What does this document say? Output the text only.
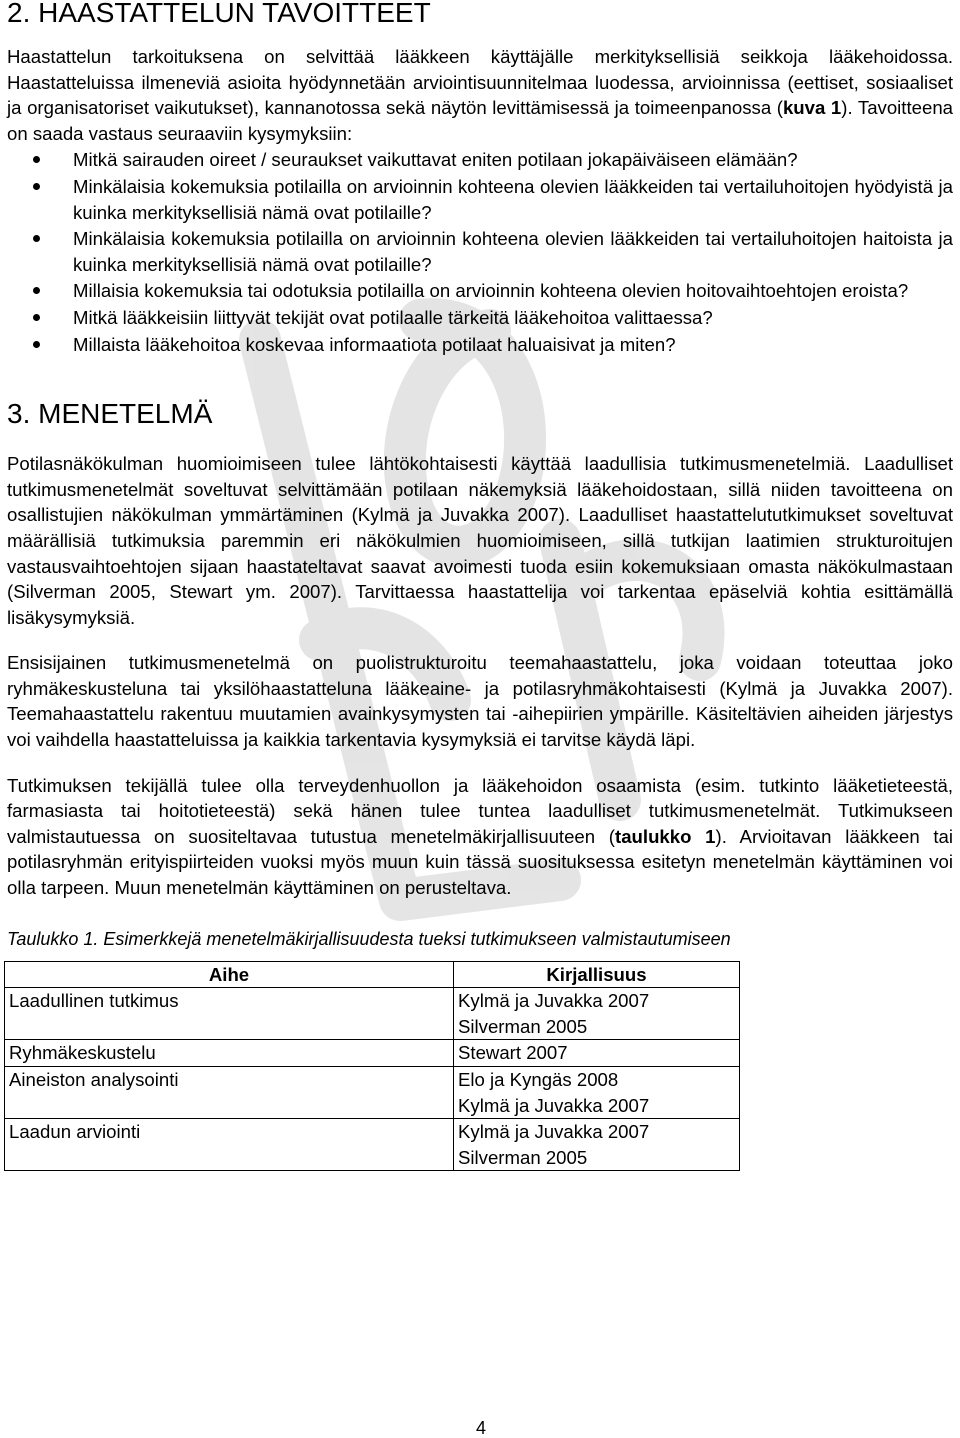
2. HAASTATTELUN TAVOITTEET

Haastattelun tarkoituksena on selvittää lääkkeen käyttäjälle merkityksellisiä seikkoja lääkehoidossa. Haastatteluissa ilmeneviä asioita hyödynnetään arviointisuunnitelmaa luodessa, arvioinnissa (eettiset, sosiaaliset ja organisatoriset vaikutukset), kannanotossa sekä näytön levittämisessä ja toimeenpanossa (kuva 1). Tavoitteena on saada vastaus seuraaviin kysymyksiin:

Mitkä sairauden oireet / seuraukset vaikuttavat eniten potilaan jokapäiväiseen elämään?
Minkälaisia kokemuksia potilailla on arvioinnin kohteena olevien lääkkeiden tai vertailuhoitojen hyödyistä ja kuinka merkityksellisiä nämä ovat potilaille?
Minkälaisia kokemuksia potilailla on arvioinnin kohteena olevien lääkkeiden tai vertailuhoitojen haitoista ja kuinka merkityksellisiä nämä ovat potilaille?
Millaisia kokemuksia tai odotuksia potilailla on arvioinnin kohteena olevien hoitovaihtoehtojen eroista?
Mitkä lääkkeisiin liittyvät tekijät ovat potilaalle tärkeitä lääkehoitoa valittaessa?
Millaista lääkehoitoa koskevaa informaatiota potilaat haluaisivat ja miten?
3. MENETELMÄ

Potilasnäkökulman huomioimiseen tulee lähtökohtaisesti käyttää laadullisia tutkimusmenetelmiä. Laadulliset tutkimusmenetelmät soveltuvat selvittämään potilaan näkemyksiä lääkehoidostaan, sillä niiden tavoitteena on osallistujien näkökulman ymmärtäminen (Kylmä ja Juvakka 2007). Laadulliset haastattelututkimukset soveltuvat määrällisiä tutkimuksia paremmin eri näkökulmien huomioimiseen, sillä tutkijan laatimien strukturoitujen vastausvaihtoehtojen sijaan haastateltavat saavat avoimesti tuoda esiin kokemuksiaan omasta näkökulmastaan (Silverman 2005, Stewart ym. 2007). Tarvittaessa haastattelija voi tarkentaa epäselviä kohtia esittämällä lisäkysymyksiä.

Ensisijainen tutkimusmenetelmä on puolistrukturoitu teemahaastattelu, joka voidaan toteuttaa joko ryhmäkeskusteluna tai yksilöhaastatteluna lääkeaine- ja potilasryhmäkohtaisesti (Kylmä ja Juvakka 2007). Teemahaastattelu rakentuu muutamien avainkysymysten tai -aihepiirien ympärille. Käsiteltävien aiheiden järjestys voi vaihdella haastatteluissa ja kaikkia tarkentavia kysymyksiä ei tarvitse käydä läpi.

Tutkimuksen tekijällä tulee olla terveydenhuollon ja lääkehoidon osaamista (esim. tutkinto lääketieteestä, farmasiasta tai hoitotieteestä) sekä hänen tulee tuntea laadulliset tutkimusmenetelmät. Tutkimukseen valmistautuessa on suositeltavaa tutustua menetelmäkirjallisuuteen (taulukko 1). Arvioitavan lääkkeen tai potilasryhmän erityispiirteiden vuoksi myös muun kuin tässä suosituksessa esitetyn menetelmän käyttäminen voi olla tarpeen. Muun menetelmän käyttäminen on perusteltava.

Taulukko 1. Esimerkkejä menetelmäkirjallisuudesta tueksi tutkimukseen valmistautumiseen
Aihe	Kirjallisuus
Laadullinen tutkimus	Kylmä ja Juvakka 2007
Silverman 2005

Ryhmäkeskustelu	Stewart 2007

Aineiston analysointi	Elo ja Kyngäs 2008
Kylmä ja Juvakka 2007

Laadun arviointi	Kylmä ja Juvakka 2007
Silverman 2005
4
